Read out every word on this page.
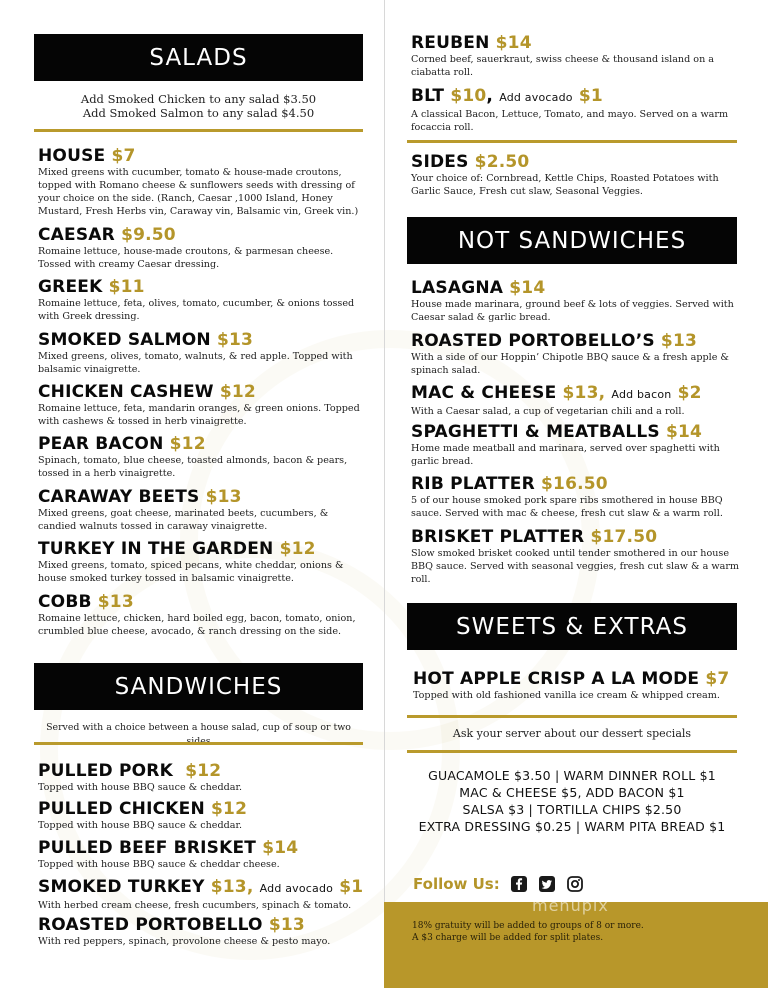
SALADS
Add Smoked Chicken to any salad $3.50
Add Smoked Salmon to any salad $4.50
HOUSE $7
Mixed greens with cucumber, tomato & house-made croutons, topped with Romano cheese & sunflowers seeds with dressing of your choice on the side. (Ranch, Caesar ,1000 Island, Honey Mustard, Fresh Herbs vin, Caraway vin, Balsamic vin, Greek vin.)
CAESAR $9.50
Romaine lettuce, house-made croutons, & parmesan cheese. Tossed with creamy Caesar dressing.
GREEK $11
Romaine lettuce, feta, olives, tomato, cucumber, & onions tossed with Greek dressing.
SMOKED SALMON $13
Mixed greens, olives, tomato, walnuts, & red apple. Topped with balsamic vinaigrette.
CHICKEN CASHEW $12
Romaine lettuce, feta, mandarin oranges, & green onions. Topped with cashews & tossed in herb vinaigrette.
PEAR BACON $12
Spinach, tomato, blue cheese, toasted almonds, bacon & pears, tossed in a herb vinaigrette.
CARAWAY BEETS $13
Mixed greens, goat cheese, marinated beets, cucumbers, & candied walnuts tossed in caraway vinaigrette.
TURKEY IN THE GARDEN $12
Mixed greens, tomato, spiced pecans, white cheddar, onions & house smoked turkey tossed in balsamic vinaigrette.
COBB $13
Romaine lettuce, chicken, hard boiled egg, bacon, tomato, onion, crumbled blue cheese, avocado, & ranch dressing on the side.
SANDWICHES
Served with a choice between a house salad, cup of soup or two
PULLED PORK $12
Topped with house BBQ sauce & cheddar.
PULLED CHICKEN $12
Topped with house BBQ sauce & cheddar.
PULLED BEEF BRISKET $14
Topped with house BBQ sauce & cheddar cheese.
SMOKED TURKEY $13, Add avocado $1
With herbed cream cheese, fresh cucumbers, spinach & tomato.
ROASTED PORTOBELLO $13
With red peppers, spinach, provolone cheese & pesto mayo.
REUBEN $14
Corned beef, sauerkraut, swiss cheese & thousand island on a ciabatta roll.
BLT $10, Add avocado $1
A classical Bacon, Lettuce, Tomato, and mayo. Served on a warm focaccia roll.
SIDES $2.50
Your choice of: Cornbread, Kettle Chips, Roasted Potatoes with Garlic Sauce, Fresh cut slaw, Seasonal Veggies.
NOT SANDWICHES
LASAGNA $14
House made marinara, ground beef & lots of veggies. Served with Caesar salad & garlic bread.
ROASTED PORTOBELLO’S $13
With a side of our Hoppin’ Chipotle BBQ sauce & a fresh apple & spinach salad.
MAC & CHEESE $13, Add bacon $2
With a Caesar salad, a cup of vegetarian chili and a roll.
SPAGHETTI & MEATBALLS $14
Home made meatball and marinara, served over spaghetti with garlic bread.
RIB PLATTER $16.50
5 of our house smoked pork spare ribs smothered in house BBQ sauce. Served with mac & cheese, fresh cut slaw & a warm roll.
BRISKET PLATTER $17.50
Slow smoked brisket cooked until tender smothered in our house BBQ sauce. Served with seasonal veggies, fresh cut slaw & a warm roll.
SWEETS & EXTRAS
HOT APPLE CRISP A LA MODE $7
Topped with old fashioned vanilla ice cream & whipped cream.
Ask your server about our dessert specials
GUACAMOLE $3.50 | WARM DINNER ROLL $1
MAC & CHEESE $5, ADD BACON $1
SALSA $3 | TORTILLA CHIPS $2.50
EXTRA DRESSING $0.25 | WARM PITA BREAD $1
Follow Us:
18% gratuity will be added to groups of 8 or more.
A $3 charge will be added for split plates.
menupix
